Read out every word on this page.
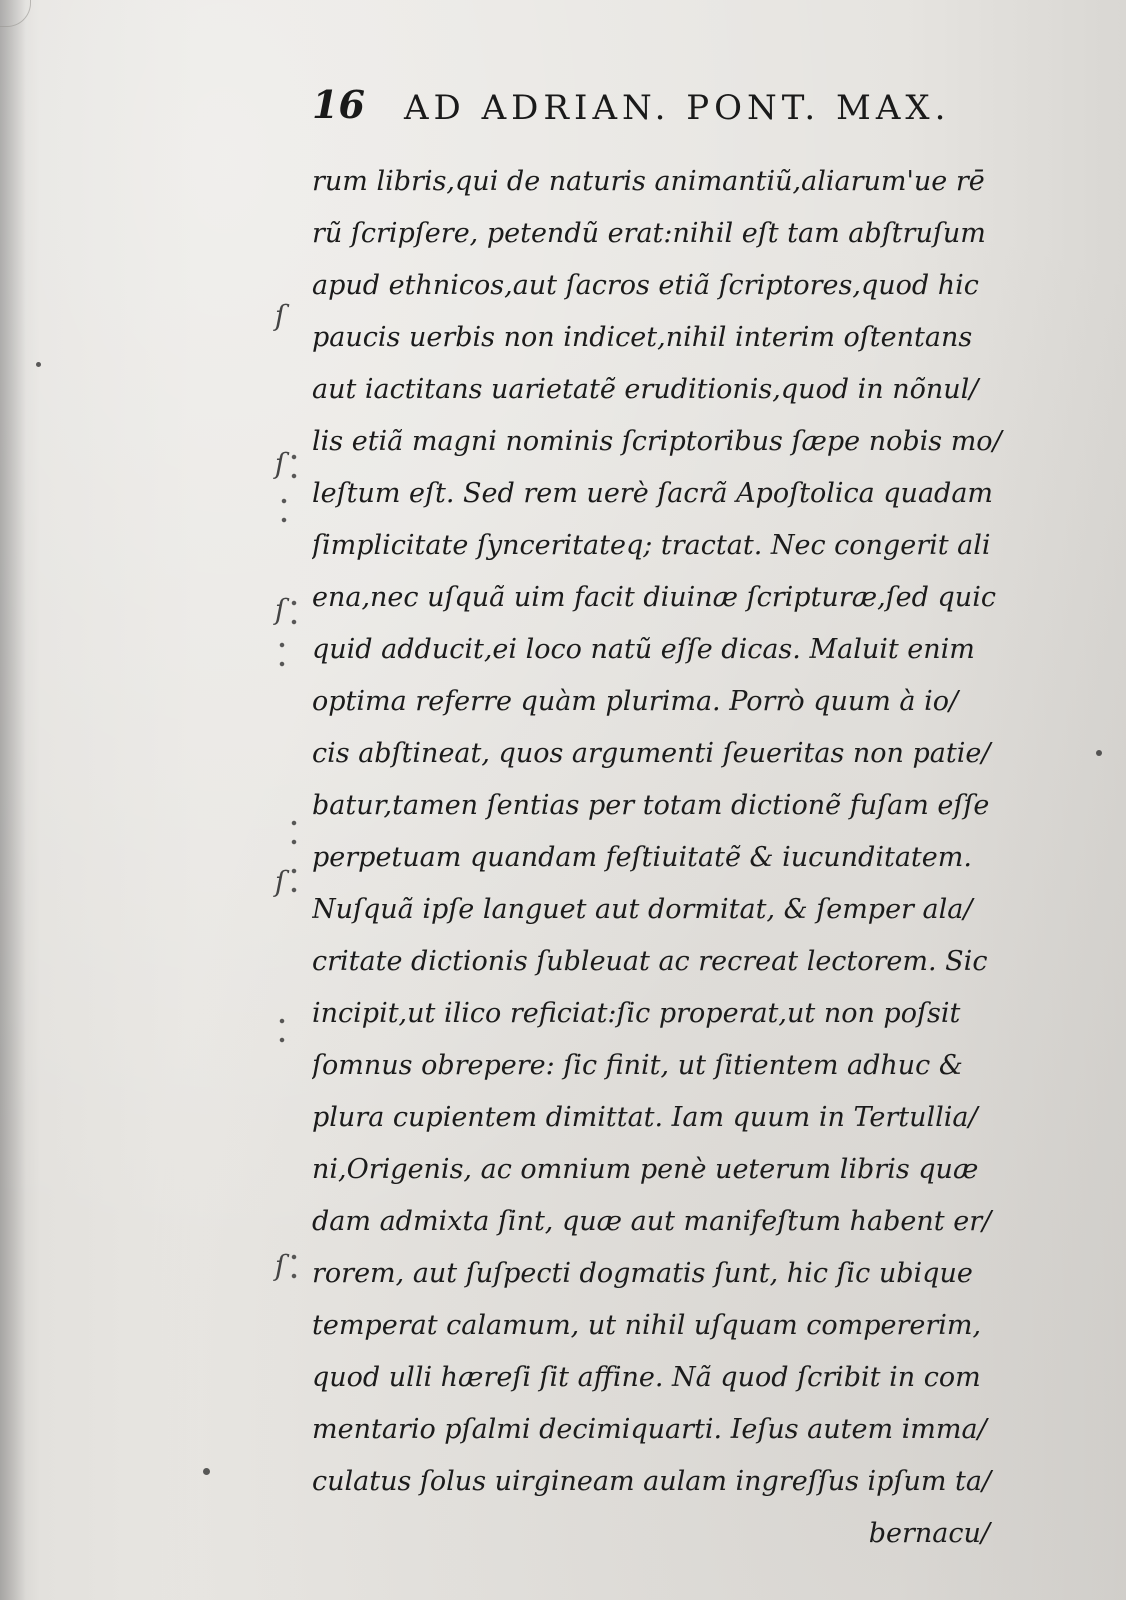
16 AD ADRIAN. PONT. MAX.
ſ
ſ
ſ
ſ
ſ
rum libris,qui de naturis animantiũ,aliarum'ue rē
rũ ſcripſere, petendũ erat:nihil eſt tam abſtruſum
apud ethnicos,aut ſacros etiã ſcriptores,quod hic
paucis uerbis non indicet,nihil interim oſtentans
aut iactitans uarietatẽ eruditionis,quod in nõnul/
lis etiã magni nominis ſcriptoribus ſæpe nobis mo/
leſtum eſt. Sed rem uerè ſacrã Apoſtolica quadam
ſimplicitate ſynceritateq; tractat. Nec congerit ali
ena,nec uſquã uim facit diuinæ ſcripturæ,ſed quic
quid adducit,ei loco natũ eſſe dicas. Maluit enim
optima referre quàm plurima. Porrò quum à io/
cis abſtineat, quos argumenti ſeueritas non patie/
batur,tamen ſentias per totam dictionẽ fuſam eſſe
perpetuam quandam feſtiuitatẽ & iucunditatem.
Nuſquã ipſe languet aut dormitat, & ſemper ala/
critate dictionis ſubleuat ac recreat lectorem. Sic
incipit,ut ilico reficiat:ſic properat,ut non poſsit
ſomnus obrepere: ſic finit, ut ſitientem adhuc &
plura cupientem dimittat. Iam quum in Tertullia/
ni,Origenis, ac omnium penè ueterum libris quæ
dam admixta ſint, quæ aut manifeſtum habent er/
rorem, aut ſuſpecti dogmatis ſunt, hic ſic ubique
temperat calamum, ut nihil uſquam compererim,
quod ulli hæreſi ſit affine. Nã quod ſcribit in com
mentario pſalmi decimiquarti. Ieſus autem imma/
culatus ſolus uirgineam aulam ingreſſus ipſum ta/
bernacu/
